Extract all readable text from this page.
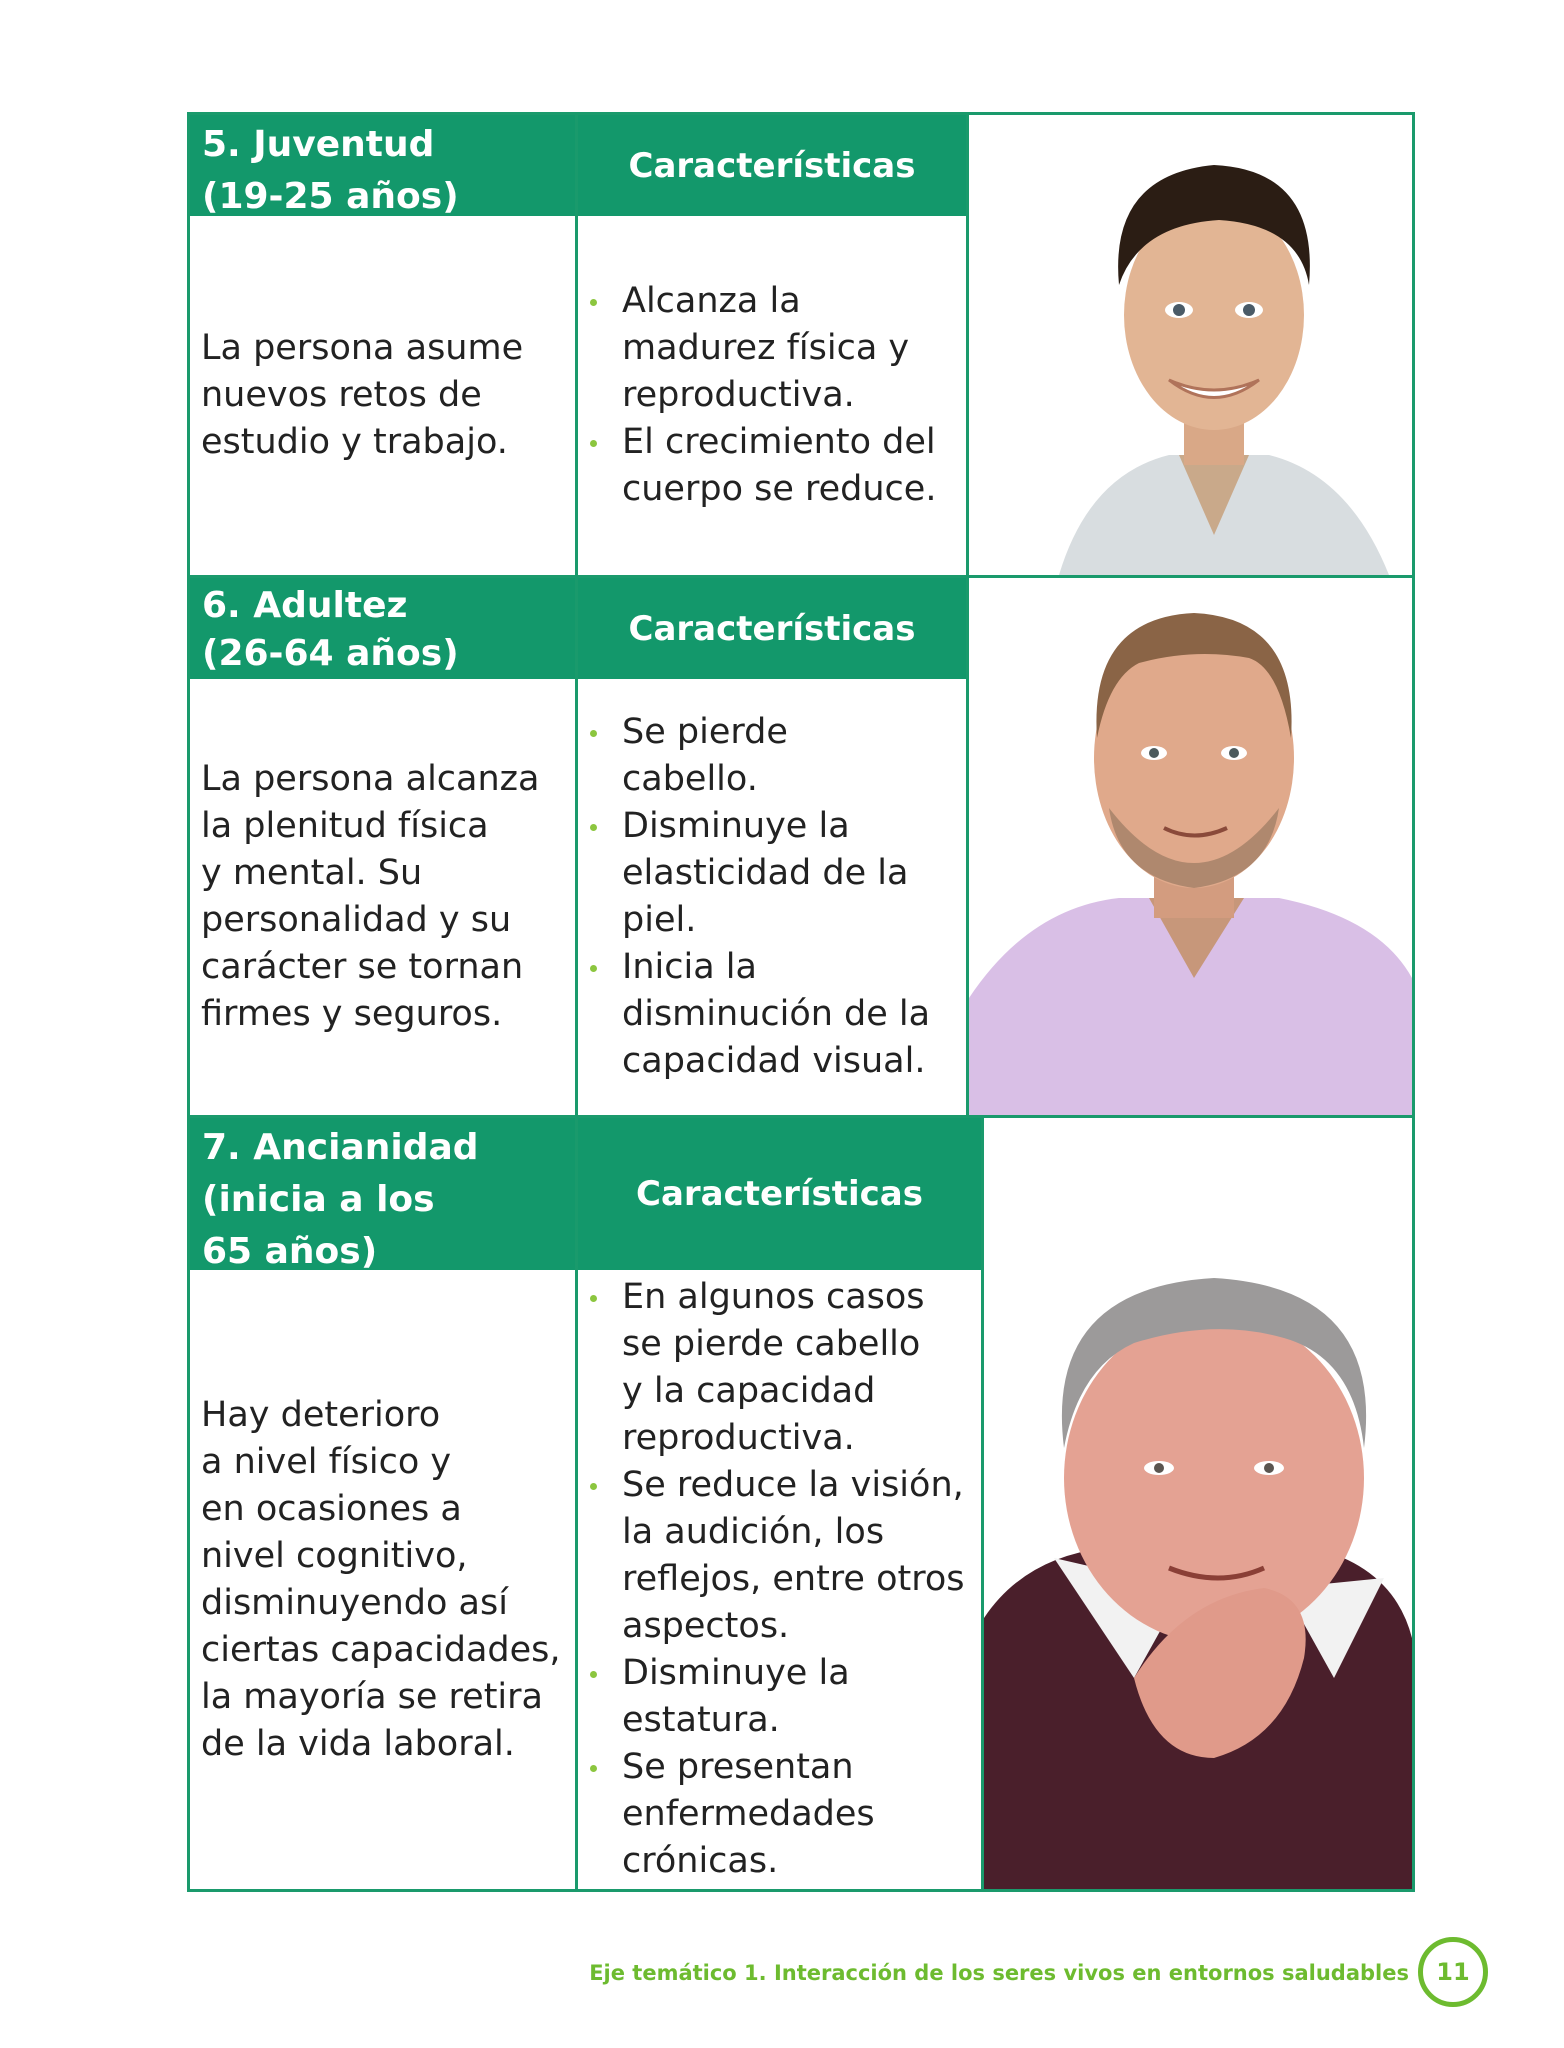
5. Juventud
(19-25 años)
Características
La persona asume
nuevos retos de
estudio y trabajo.
Alcanza la
madurez física y
reproductiva.
El crecimiento del
cuerpo se reduce.
6. Adultez
(26-64 años)
Características
La persona alcanza
la plenitud física
y mental. Su
personalidad y su
carácter se tornan
firmes y seguros.
Se pierde
cabello.
Disminuye la
elasticidad de la
piel.
Inicia la
disminución de la
capacidad visual.
7. Ancianidad
(inicia a los
65 años)
Características
Hay deterioro
a nivel físico y
en ocasiones a
nivel cognitivo,
disminuyendo así
ciertas capacidades,
la mayoría se retira
de la vida laboral.
En algunos casos
se pierde cabello
y la capacidad
reproductiva.
Se reduce la visión,
la audición, los
reflejos, entre otros
aspectos.
Disminuye la
estatura.
Se presentan
enfermedades
crónicas.
Eje temático 1. Interacción de los seres vivos en entornos saludables	11
